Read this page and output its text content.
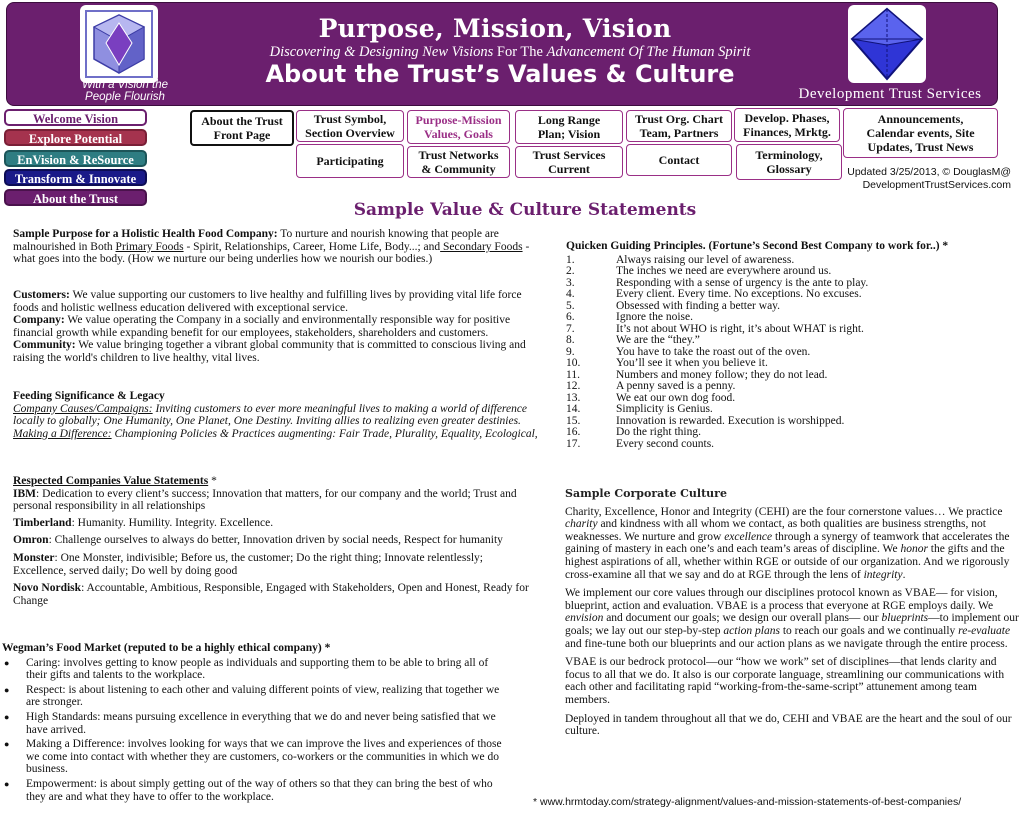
Purpose, Mission, Vision
Discovering & Designing New Visions For The Advancement Of The Human Spirit
About the Trust’s Values & Culture
With a Vision the
People Flourish	Development Trust Services
Welcome Vision
Explore Potential
EnVision & ReSource
Transform & Innovate
About the Trust
About the Trust
Front Page
Trust Symbol,
Section Overview
Purpose-Mission
Values, Goals
Long Range
Plan; Vision
Trust Org. Chart
Team, Partners
Develop. Phases,
Finances, Mrktg.
Announcements,
Calendar events, Site
Updates, Trust News
Participating	Trust Networks
& Community
Trust Services
Current
Contact	Terminology,
Glossary	Updated 3/25/2013, © DouglasM@
DevelopmentTrustServices.com
Sample Value & Culture Statements

Sample Purpose for a Holistic Health Food Company: To nurture and nourish knowing that people are malnourished in Both Primary Foods - Spirit, Relationships, Career, Home Life, Body...; and Secondary Foods - what goes into the body. (How we nurture our being underlies how we nourish our bodies.)

Customers: We value supporting our customers to live healthy and fulfilling lives by providing vital life force foods and holistic wellness education delivered with exceptional service.

Company: We value operating the Company in a socially and environmentally responsible way for positive financial growth while expanding benefit for our employees, stakeholders, shareholders and customers.

Community: We value bringing together a vibrant global community that is committed to conscious living and raising the world's children to live healthy, vital lives.

Feeding Significance & Legacy

Company Causes/Campaigns: Inviting customers to ever more meaningful lives to making a world of difference locally to globally; One Humanity, One Planet, One Destiny. Inviting allies to realizing even greater destinies.

Making a Difference: Championing Policies & Practices augmenting: Fair Trade, Plurality, Equality, Ecological,

Respected Companies Value Statements *

IBM: Dedication to every client’s success; Innovation that matters, for our company and the world; Trust and personal responsibility in all relationships

Timberland: Humanity. Humility. Integrity. Excellence.

Omron: Challenge ourselves to always do better, Innovation driven by social needs, Respect for humanity

Monster: One Monster, indivisible; Before us, the customer; Do the right thing; Innovate relentlessly; Excellence, served daily; Do well by doing good

Novo Nordisk: Accountable, Ambitious, Responsible, Engaged with Stakeholders, Open and Honest, Ready for Change

Wegman’s Food Market (reputed to be a highly ethical company) *

● Caring: involves getting to know people as individuals and supporting them to be able to bring all of their gifts and talents to the workplace.
● Respect: is about listening to each other and valuing different points of view, realizing that together we are stronger.
● High Standards: means pursuing excellence in everything that we do and never being satisfied that we have arrived.
● Making a Difference: involves looking for ways that we can improve the lives and experiences of those we come into contact with whether they are customers, co-workers or the communities in which we do business.
● Empowerment: is about simply getting out of the way of others so that they can bring the best of who they are and what they have to offer to the workplace.

Quicken Guiding Principles. (Fortune’s Second Best Company to work for..) *

1.	Always raising our level of awareness.
2.	The inches we need are everywhere around us.
3.	Responding with a sense of urgency is the ante to play.
4.	Every client. Every time. No exceptions. No excuses.
5.	Obsessed with finding a better way.
6.	Ignore the noise.
7.	It’s not about WHO is right, it’s about WHAT is right.
8.	We are the “they.”
9.	You have to take the roast out of the oven.
10.	You’ll see it when you believe it.
11.	Numbers and money follow; they do not lead.
12.	A penny saved is a penny.
13.	We eat our own dog food.
14.	Simplicity is Genius.
15.	Innovation is rewarded. Execution is worshipped.
16.	Do the right thing.
17.	Every second counts.

Sample Corporate Culture

Charity, Excellence, Honor and Integrity (CEHI) are the four cornerstone values… We practice charity and kindness with all whom we contact, as both qualities are business strengths, not weaknesses. We nurture and grow excellence through a synergy of teamwork that accelerates the gaining of mastery in each one’s and each team’s areas of discipline. We honor the gifts and the highest aspirations of all, whether within RGE or outside of our organization. And we rigorously cross-examine all that we say and do at RGE through the lens of integrity.

We implement our core values through our disciplines protocol known as VBAE— for vision, blueprint, action and evaluation. VBAE is a process that everyone at RGE employs daily. We envision and document our goals; we design our overall plans— our blueprints—to implement our goals; we lay out our step-by-step action plans to reach our goals and we continually re-evaluate and fine-tune both our blueprints and our action plans as we navigate through the entire process.

VBAE is our bedrock protocol—our “how we work” set of disciplines—that lends clarity and focus to all that we do. It also is our corporate language, streamlining our communications with each other and facilitating rapid “working-from-the-same-script” attunement among team members.

Deployed in tandem throughout all that we do, CEHI and VBAE are the heart and the soul of our culture.

* www.hrmtoday.com/strategy-alignment/values-and-mission-statements-of-best-companies/
